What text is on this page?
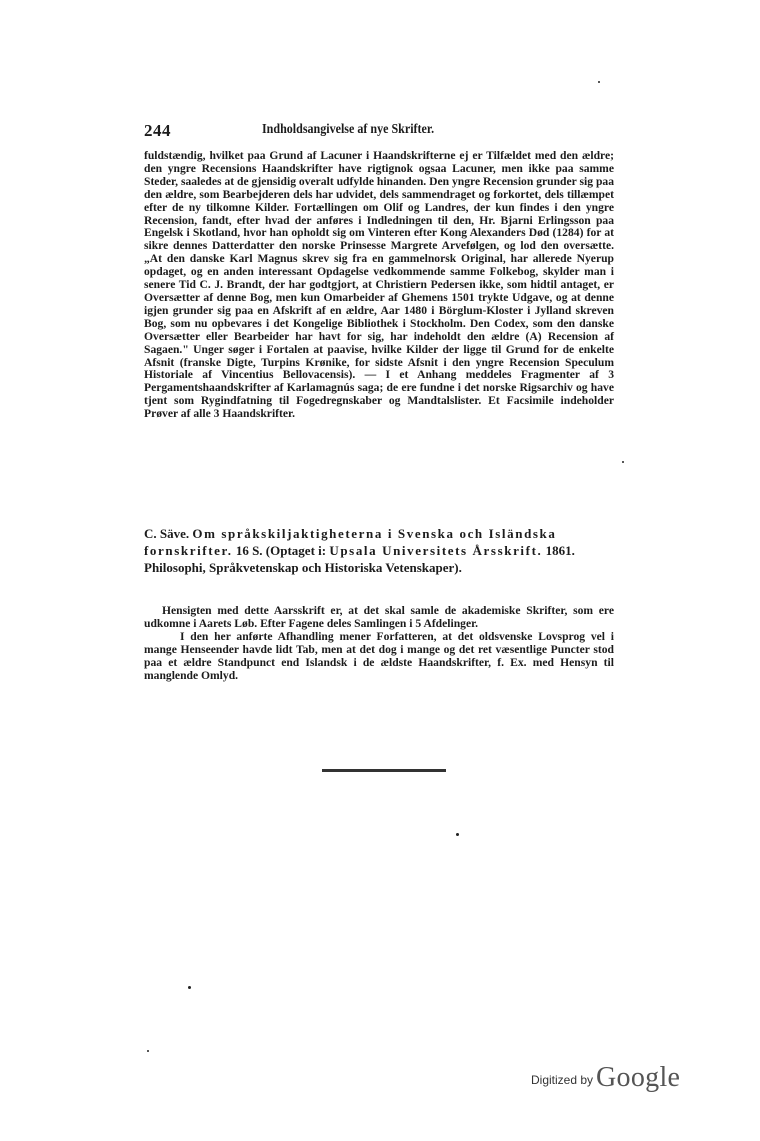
244	Indholdsangivelse af nye Skrifter.

fuldstændig, hvilket paa Grund af Lacuner i Haandskrifterne ej er Tilfældet med den ældre; den yngre Recensions Haandskrifter have rigtignok ogsaa Lacuner, men ikke paa samme Steder, saaledes at de gjensidig overalt udfylde hinanden. Den yngre Recension grunder sig paa den ældre, som Bearbejderen dels har udvidet, dels sammendraget og forkortet, dels tillæmpet efter de ny tilkomne Kilder. Fortællingen om Olif og Landres, der kun findes i den yngre Recension, fandt, efter hvad der anføres i Indledningen til den, Hr. Bjarni Erlingsson paa Engelsk i Skotland, hvor han opholdt sig om Vinteren efter Kong Alexanders Død (1284) for at sikre dennes Datterdatter den norske Prinsesse Margrete Arvefølgen, og lod den oversætte. „At den danske Karl Magnus skrev sig fra en gammelnorsk Original, har allerede Nyerup opdaget, og en anden interessant Opdagelse vedkommende samme Folkebog, skylder man i senere Tid C. J. Brandt, der har godtgjort, at Christiern Pedersen ikke, som hidtil antaget, er Oversætter af denne Bog, men kun Omarbeider af Ghemens 1501 trykte Udgave, og at denne igjen grunder sig paa en Afskrift af en ældre, Aar 1480 i Börglum-Kloster i Jylland skreven Bog, som nu opbevares i det Kongelige Bibliothek i Stockholm. Den Codex, som den danske Oversætter eller Bearbeider har havt for sig, har indeholdt den ældre (A) Recension af Sagaen." Unger søger i Fortalen at paavise, hvilke Kilder der ligge til Grund for de enkelte Afsnit (franske Digte, Turpins Krønike, for sidste Afsnit i den yngre Recension Speculum Historiale af Vincentius Bellovacensis). — I et Anhang meddeles Fragmenter af 3 Pergamentshaandskrifter af Karlamagnús saga; de ere fundne i det norske Rigsarchiv og have tjent som Rygindfatning til Fogedregnskaber og Mandtalslister. Et Facsimile indeholder Prøver af alle 3 Haandskrifter.

C. Säve. Om språkskiljaktigheterna i Svenska och Isländska fornskrifter. 16 S. (Optaget i: Upsala Universitets Årsskrift. 1861. Philosophi, Språkvetenskap och Historiska Vetenskaper).

Hensigten med dette Aarsskrift er, at det skal samle de akademiske Skrifter, som ere udkomne i Aarets Løb. Efter Fagene deles Samlingen i 5 Afdelinger.

I den her anførte Afhandling mener Forfatteren, at det oldsvenske Lovsprog vel i mange Henseender havde lidt Tab, men at det dog i mange og det ret væsentlige Puncter stod paa et ældre Standpunct end Islandsk i de ældste Haandskrifter, f. Ex. med Hensyn til manglende Omlyd.

Digitized by Google
